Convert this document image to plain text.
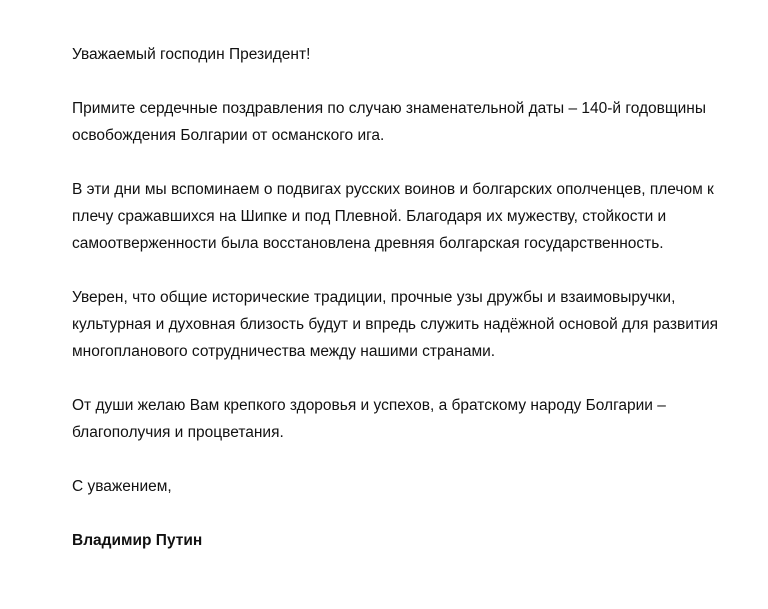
Уважаемый господин Президент!

Примите сердечные поздравления по случаю знаменательной даты – 140-й годовщины освобождения Болгарии от османского ига.

В эти дни мы вспоминаем о подвигах русских воинов и болгарских ополченцев, плечом к плечу сражавшихся на Шипке и под Плевной. Благодаря их мужеству, стойкости и самоотверженности была восстановлена древняя болгарская государственность.

Уверен, что общие исторические традиции, прочные узы дружбы и взаимовыручки, культурная и духовная близость будут и впредь служить надёжной основой для развития многопланового сотрудничества между нашими странами.

От души желаю Вам крепкого здоровья и успехов, а братскому народу Болгарии – благополучия и процветания.

С уважением,

Владимир Путин
